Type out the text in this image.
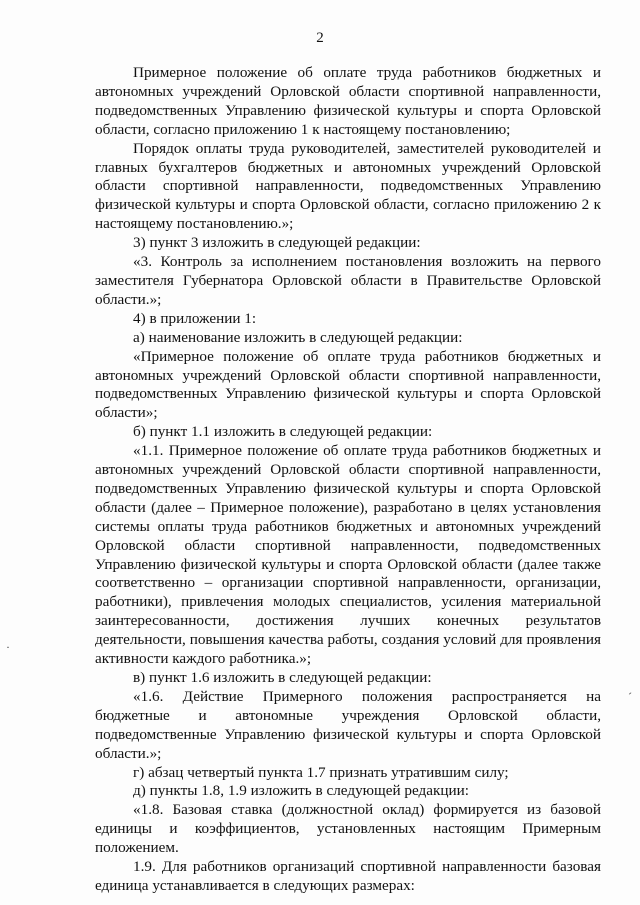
2

Примерное положение об оплате труда работников бюджетных и автономных учреждений Орловской области спортивной направленности, подведомственных Управлению физической культуры и спорта Орловской области, согласно приложению 1 к настоящему постановлению;

Порядок оплаты труда руководителей, заместителей руководителей и главных бухгалтеров бюджетных и автономных учреждений Орловской области спортивной направленности, подведомственных Управлению физической культуры и спорта Орловской области, согласно приложению 2 к настоящему постановлению.»;

3) пункт 3 изложить в следующей редакции:

«3. Контроль за исполнением постановления возложить на первого заместителя Губернатора Орловской области в Правительстве Орловской области.»;

4) в приложении 1:

а) наименование изложить в следующей редакции:

«Примерное положение об оплате труда работников бюджетных и автономных учреждений Орловской области спортивной направленности, подведомственных Управлению физической культуры и спорта Орловской области»;

б) пункт 1.1 изложить в следующей редакции:

«1.1. Примерное положение об оплате труда работников бюджетных и автономных учреждений Орловской области спортивной направленности, подведомственных Управлению физической культуры и спорта Орловской области (далее – Примерное положение), разработано в целях установления системы оплаты труда работников бюджетных и автономных учреждений Орловской области спортивной направленности, подведомственных Управлению физической культуры и спорта Орловской области (далее также соответственно – организации спортивной направленности, организации, работники), привлечения молодых специалистов, усиления материальной заинтересованности, достижения лучших конечных результатов деятельности, повышения качества работы, создания условий для проявления активности каждого работника.»;

в) пункт 1.6 изложить в следующей редакции:

«1.6. Действие Примерного положения распространяется на бюджетные и автономные учреждения Орловской области, подведомственные Управлению физической культуры и спорта Орловской области.»;

г) абзац четвертый пункта 1.7 признать утратившим силу;

д) пункты 1.8, 1.9 изложить в следующей редакции:

«1.8. Базовая ставка (должностной оклад) формируется из базовой единицы и коэффициентов, установленных настоящим Примерным положением.

1.9. Для работников организаций спортивной направленности базовая единица устанавливается в следующих размерах:

·
ˊ
